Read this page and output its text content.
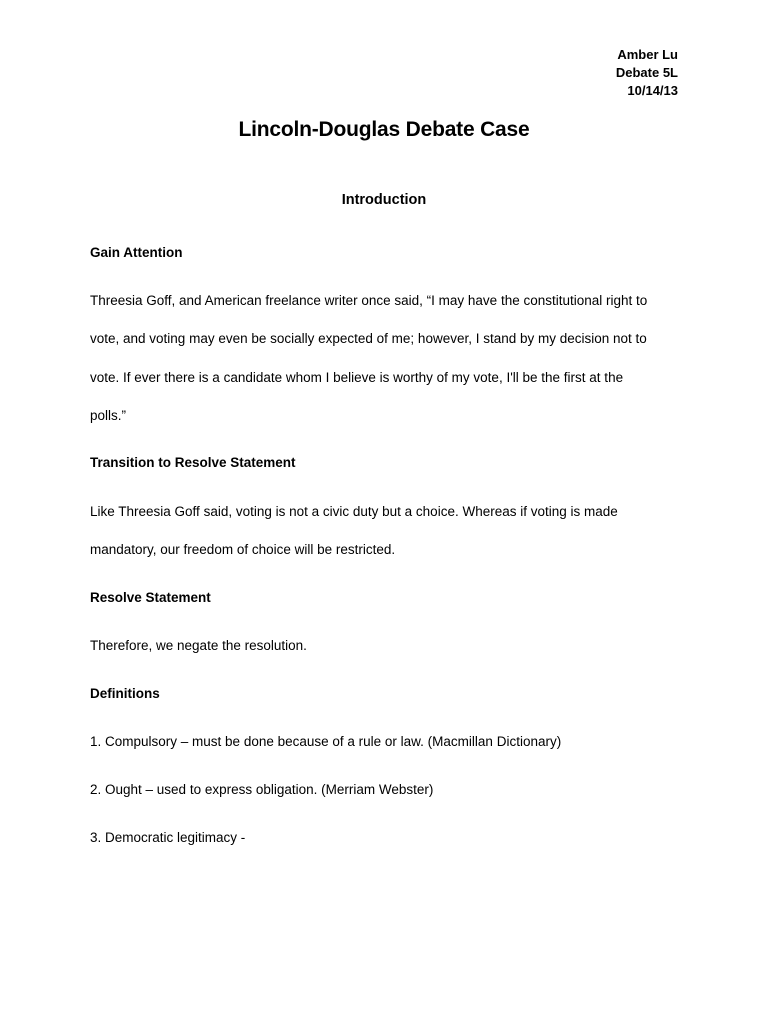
Amber Lu
Debate 5L
10/14/13
Lincoln-Douglas Debate Case
Introduction
Gain Attention

Threesia Goff, and American freelance writer once said, “I may have the constitutional right to
vote, and voting may even be socially expected of me; however, I stand by my decision not to
vote. If ever there is a candidate whom I believe is worthy of my vote, I'll be the first at the
polls.”

Transition to Resolve Statement

Like Threesia Goff said, voting is not a civic duty but a choice. Whereas if voting is made
mandatory, our freedom of choice will be restricted.

Resolve Statement

Therefore, we negate the resolution.

Definitions

1. Compulsory – must be done because of a rule or law. (Macmillan Dictionary)

2. Ought – used to express obligation. (Merriam Webster)

3. Democratic legitimacy -
